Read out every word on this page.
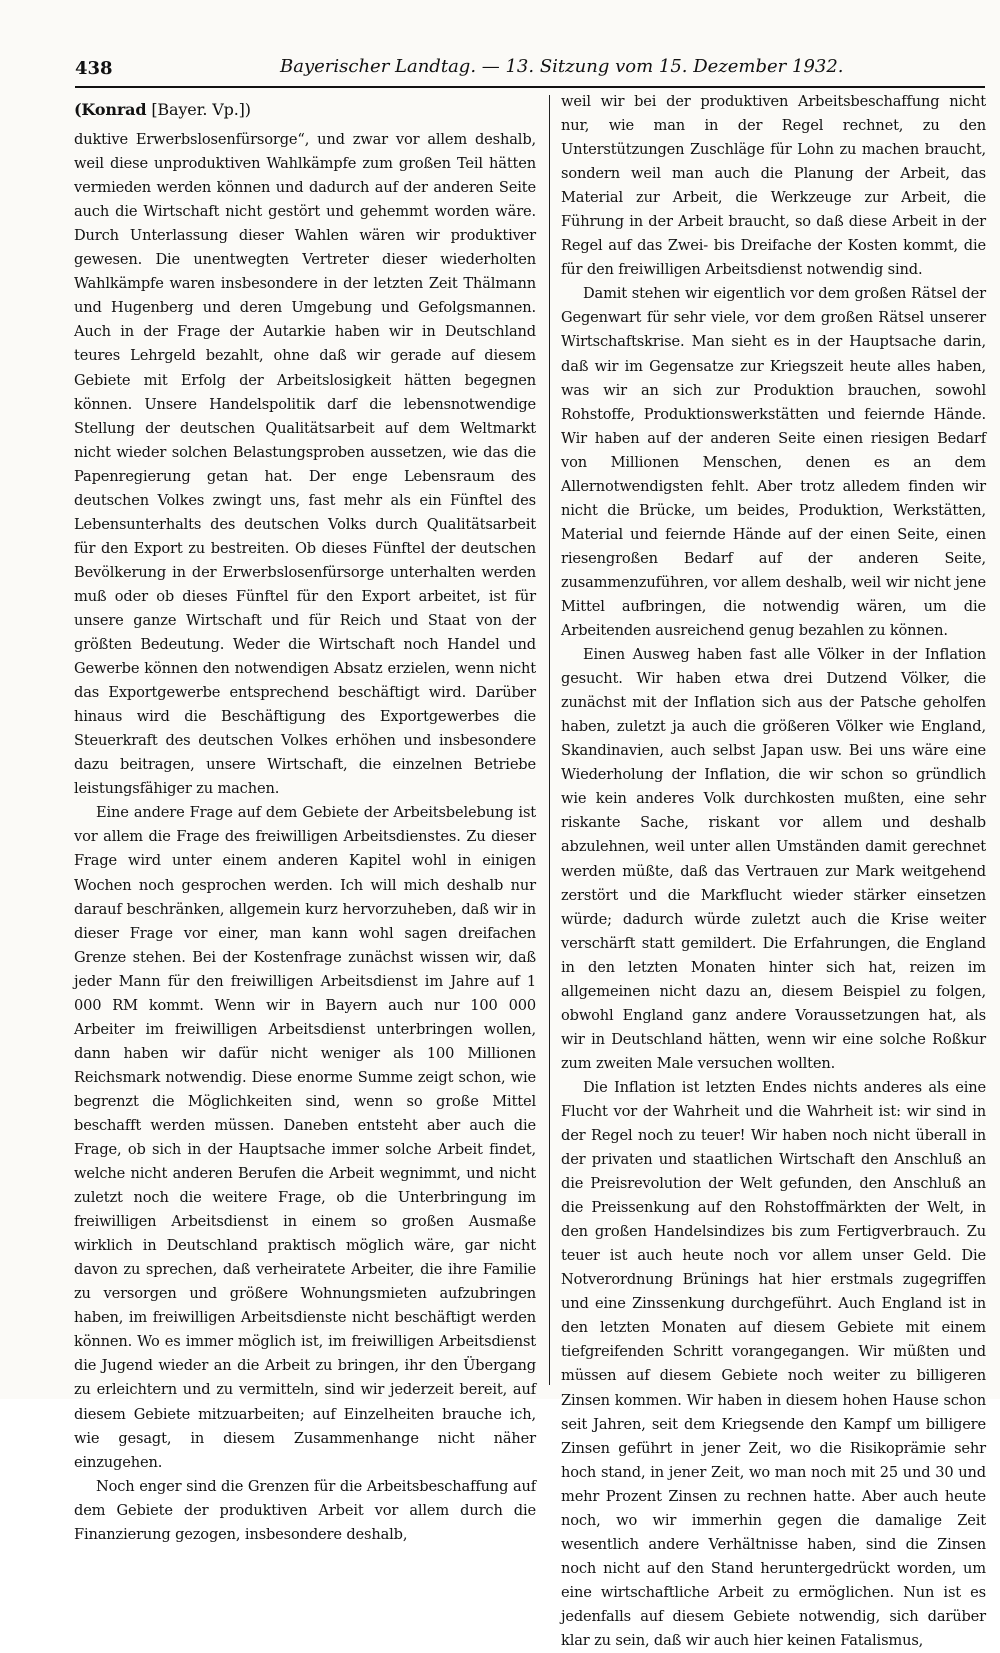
438	Bayerischer Landtag. — 13. Sitzung vom 15. Dezember 1932.
(Konrad [Bayer. Vp.])

duktive Erwerbslosenfürsorge“, und zwar vor allem deshalb, weil diese unproduktiven Wahlkämpfe zum großen Teil hätten vermieden werden können und dadurch auf der anderen Seite auch die Wirtschaft nicht gestört und gehemmt worden wäre. Durch Unterlassung dieser Wahlen wären wir produktiver gewesen. Die unentwegten Vertreter dieser wiederholten Wahlkämpfe waren insbesondere in der letzten Zeit Thälmann und Hugenberg und deren Umgebung und Gefolgsmannen. Auch in der Frage der Autarkie haben wir in Deutschland teures Lehrgeld bezahlt, ohne daß wir gerade auf diesem Gebiete mit Erfolg der Arbeitslosigkeit hätten begegnen können. Unsere Handelspolitik darf die lebensnotwendige Stellung der deutschen Qualitätsarbeit auf dem Weltmarkt nicht wieder solchen Belastungsproben aussetzen, wie das die Papenregierung getan hat. Der enge Lebensraum des deutschen Volkes zwingt uns, fast mehr als ein Fünftel des Lebensunterhalts des deutschen Volks durch Qualitätsarbeit für den Export zu bestreiten. Ob dieses Fünftel der deutschen Bevölkerung in der Erwerbslosenfürsorge unterhalten werden muß oder ob dieses Fünftel für den Export arbeitet, ist für unsere ganze Wirtschaft und für Reich und Staat von der größten Bedeutung. Weder die Wirtschaft noch Handel und Gewerbe können den notwendigen Absatz erzielen, wenn nicht das Exportgewerbe entsprechend beschäftigt wird. Darüber hinaus wird die Beschäftigung des Exportgewerbes die Steuerkraft des deutschen Volkes erhöhen und insbesondere dazu beitragen, unsere Wirtschaft, die einzelnen Betriebe leistungsfähiger zu machen.

Eine andere Frage auf dem Gebiete der Arbeitsbelebung ist vor allem die Frage des freiwilligen Arbeitsdienstes. Zu dieser Frage wird unter einem anderen Kapitel wohl in einigen Wochen noch gesprochen werden. Ich will mich deshalb nur darauf beschränken, allgemein kurz hervorzuheben, daß wir in dieser Frage vor einer, man kann wohl sagen dreifachen Grenze stehen. Bei der Kostenfrage zunächst wissen wir, daß jeder Mann für den freiwilligen Arbeitsdienst im Jahre auf 1 000 RM kommt. Wenn wir in Bayern auch nur 100 000 Arbeiter im freiwilligen Arbeitsdienst unterbringen wollen, dann haben wir dafür nicht weniger als 100 Millionen Reichsmark notwendig. Diese enorme Summe zeigt schon, wie begrenzt die Möglichkeiten sind, wenn so große Mittel beschafft werden müssen. Daneben entsteht aber auch die Frage, ob sich in der Hauptsache immer solche Arbeit findet, welche nicht anderen Berufen die Arbeit wegnimmt, und nicht zuletzt noch die weitere Frage, ob die Unterbringung im freiwilligen Arbeitsdienst in einem so großen Ausmaße wirklich in Deutschland praktisch möglich wäre, gar nicht davon zu sprechen, daß verheiratete Arbeiter, die ihre Familie zu versorgen und größere Wohnungsmieten aufzubringen haben, im freiwilligen Arbeitsdienste nicht beschäftigt werden können. Wo es immer möglich ist, im freiwilligen Arbeitsdienst die Jugend wieder an die Arbeit zu bringen, ihr den Übergang zu erleichtern und zu vermitteln, sind wir jederzeit bereit, auf diesem Gebiete mitzuarbeiten; auf Einzelheiten brauche ich, wie gesagt, in diesem Zusammenhange nicht näher einzugehen.

Noch enger sind die Grenzen für die Arbeitsbeschaffung auf dem Gebiete der produktiven Arbeit vor allem durch die Finanzierung gezogen, insbesondere deshalb,

weil wir bei der produktiven Arbeitsbeschaffung nicht nur, wie man in der Regel rechnet, zu den Unterstützungen Zuschläge für Lohn zu machen braucht, sondern weil man auch die Planung der Arbeit, das Material zur Arbeit, die Werkzeuge zur Arbeit, die Führung in der Arbeit braucht, so daß diese Arbeit in der Regel auf das Zwei- bis Dreifache der Kosten kommt, die für den freiwilligen Arbeitsdienst notwendig sind.

Damit stehen wir eigentlich vor dem großen Rätsel der Gegenwart für sehr viele, vor dem großen Rätsel unserer Wirtschaftskrise. Man sieht es in der Hauptsache darin, daß wir im Gegensatze zur Kriegszeit heute alles haben, was wir an sich zur Produktion brauchen, sowohl Rohstoffe, Produktionswerkstätten und feiernde Hände. Wir haben auf der anderen Seite einen riesigen Bedarf von Millionen Menschen, denen es an dem Allernotwendigsten fehlt. Aber trotz alledem finden wir nicht die Brücke, um beides, Produktion, Werkstätten, Material und feiernde Hände auf der einen Seite, einen riesengroßen Bedarf auf der anderen Seite, zusammenzuführen, vor allem deshalb, weil wir nicht jene Mittel aufbringen, die notwendig wären, um die Arbeitenden ausreichend genug bezahlen zu können.

Einen Ausweg haben fast alle Völker in der Inflation gesucht. Wir haben etwa drei Dutzend Völker, die zunächst mit der Inflation sich aus der Patsche geholfen haben, zuletzt ja auch die größeren Völker wie England, Skandinavien, auch selbst Japan usw. Bei uns wäre eine Wiederholung der Inflation, die wir schon so gründlich wie kein anderes Volk durchkosten mußten, eine sehr riskante Sache, riskant vor allem und deshalb abzulehnen, weil unter allen Umständen damit gerechnet werden müßte, daß das Vertrauen zur Mark weitgehend zerstört und die Markflucht wieder stärker einsetzen würde; dadurch würde zuletzt auch die Krise weiter verschärft statt gemildert. Die Erfahrungen, die England in den letzten Monaten hinter sich hat, reizen im allgemeinen nicht dazu an, diesem Beispiel zu folgen, obwohl England ganz andere Voraussetzungen hat, als wir in Deutschland hätten, wenn wir eine solche Roßkur zum zweiten Male versuchen wollten.

Die Inflation ist letzten Endes nichts anderes als eine Flucht vor der Wahrheit und die Wahrheit ist: wir sind in der Regel noch zu teuer! Wir haben noch nicht überall in der privaten und staatlichen Wirtschaft den Anschluß an die Preisrevolution der Welt gefunden, den Anschluß an die Preissenkung auf den Rohstoffmärkten der Welt, in den großen Handelsindizes bis zum Fertigverbrauch. Zu teuer ist auch heute noch vor allem unser Geld. Die Notverordnung Brünings hat hier erstmals zugegriffen und eine Zinssenkung durchgeführt. Auch England ist in den letzten Monaten auf diesem Gebiete mit einem tiefgreifenden Schritt vorangegangen. Wir müßten und müssen auf diesem Gebiete noch weiter zu billigeren Zinsen kommen. Wir haben in diesem hohen Hause schon seit Jahren, seit dem Kriegsende den Kampf um billigere Zinsen geführt in jener Zeit, wo die Risikoprämie sehr hoch stand, in jener Zeit, wo man noch mit 25 und 30 und mehr Prozent Zinsen zu rechnen hatte. Aber auch heute noch, wo wir immerhin gegen die damalige Zeit wesentlich andere Verhältnisse haben, sind die Zinsen noch nicht auf den Stand heruntergedrückt worden, um eine wirtschaftliche Arbeit zu ermöglichen. Nun ist es jedenfalls auf diesem Gebiete notwendig, sich darüber klar zu sein, daß wir auch hier keinen Fatalismus,
